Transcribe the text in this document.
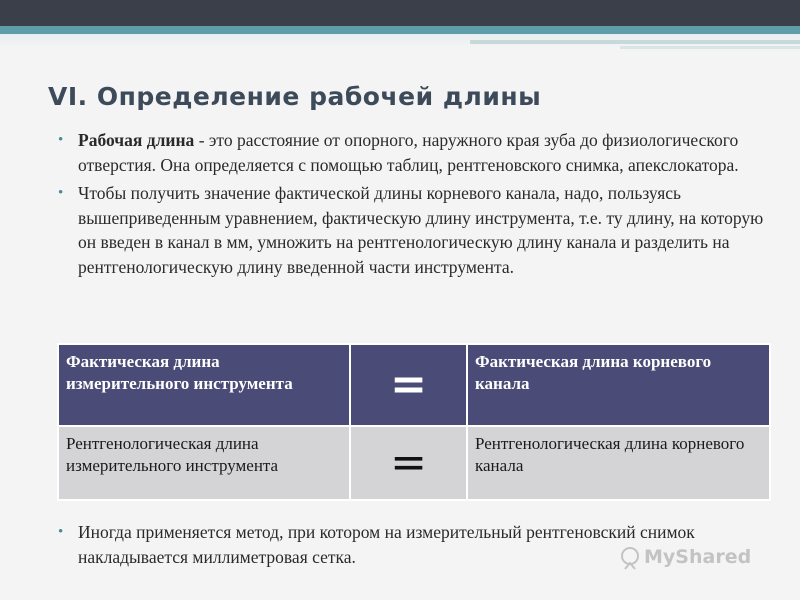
VI. Определение рабочей длины
• Рабочая длина - это расстояние от опорного, наружного края зуба до физиологического отверстия. Она определяется с помощью таблиц, рентгеновского снимка, апекслокатора.
• Чтобы получить значение фактической длины корневого канала, надо, пользуясь вышеприведенным уравнением, фактическую длину инструмента, т.е. ту длину, на которую он введен в канал в мм, умножить на рентгенологическую длину канала и разделить на рентгенологическую длину введенной части инструмента.
Фактическая длина измерительного инструмента	=	Фактическая длина корневого канала
Рентгенологическая длина измерительного инструмента	=	Рентгенологическая длина корневого канала
• Иногда применяется метод, при котором на измерительный рентгеновский снимок накладывается миллиметровая сетка.	MyShared
